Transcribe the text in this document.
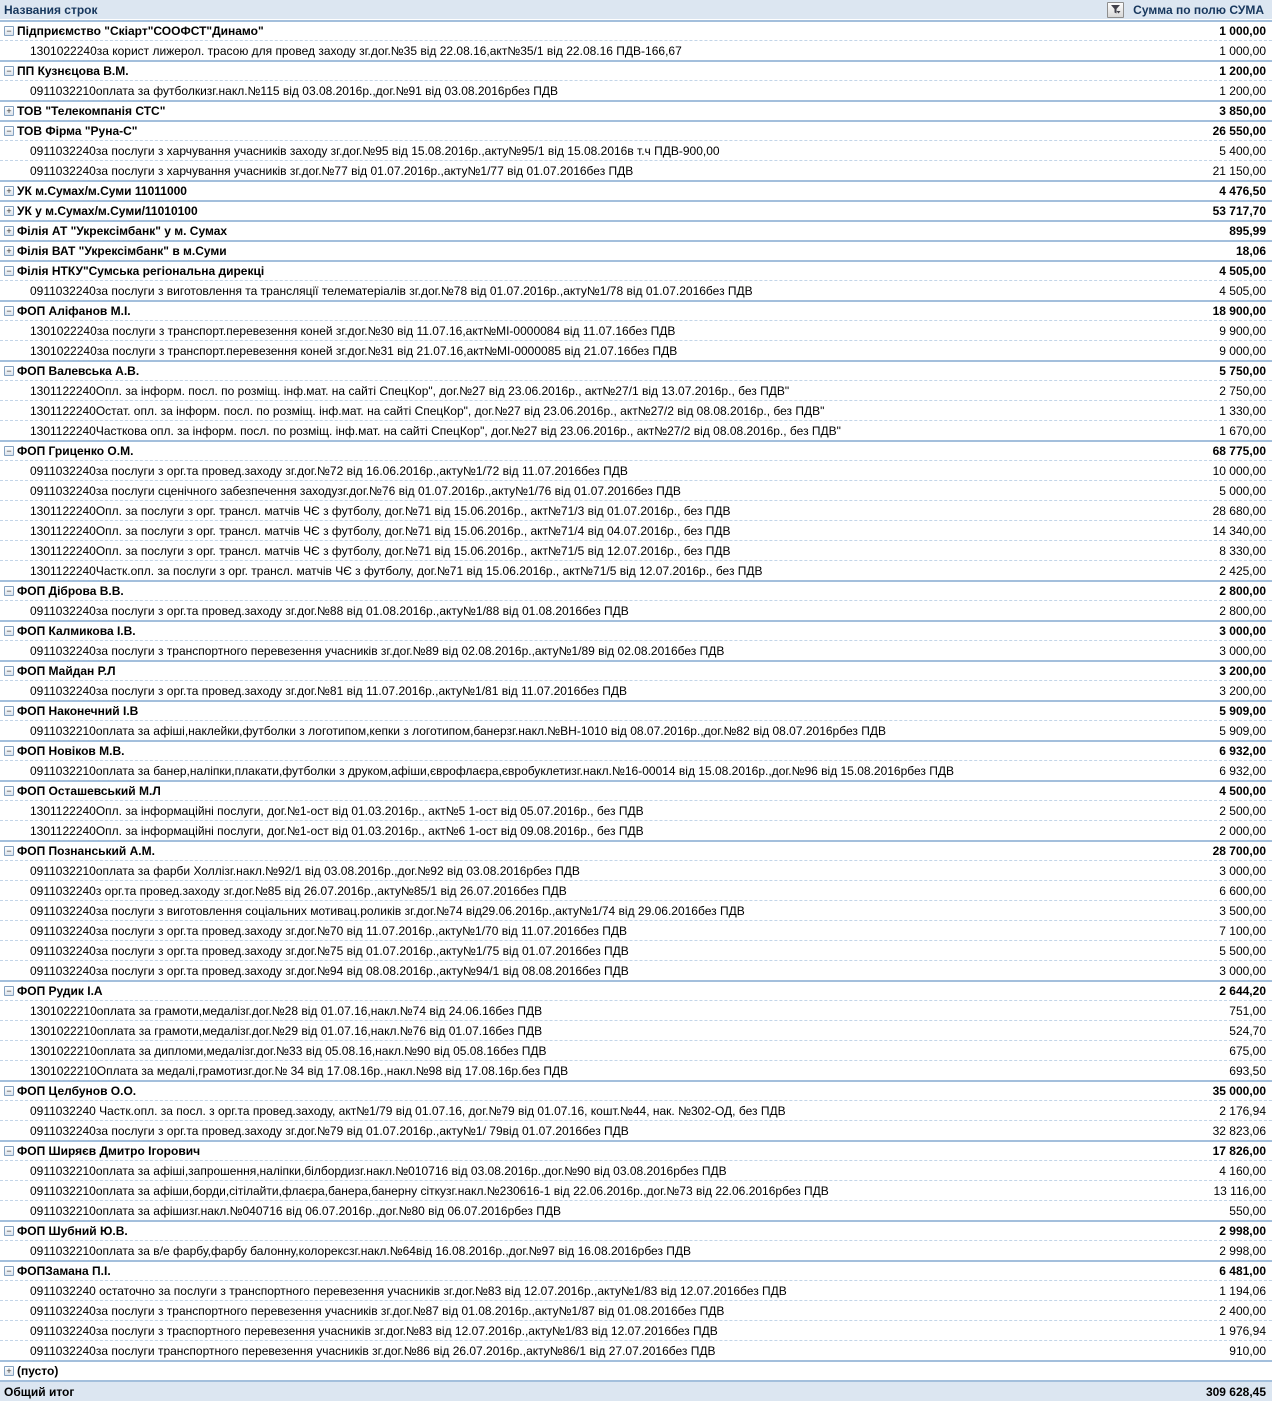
Названия строк	Сумма по полю СУМА
− Підприємство "Скіарт"СООФСТ"Динамо"	1 000,00
1301022240за корист лижерол. трасою для провед заходу зг.дог.№35 від 22.08.16,акт№35/1 від 22.08.16 ПДВ-166,67	1 000,00
− ПП Кузнєцова В.М.	1 200,00
0911032210оплата за футболкизг.накл.№115 від 03.08.2016р.,дог.№91 від 03.08.2016рбез ПДВ	1 200,00
+ ТОВ "Телекомпанія СТС"	3 850,00
− ТОВ Фірма "Руна-С"	26 550,00
0911032240за послуги з харчування учасників заходу зг.дог.№95 від 15.08.2016р.,акту№95/1 від 15.08.2016в т.ч ПДВ-900,00	5 400,00
0911032240за послуги з харчування учасників зг.дог.№77 від 01.07.2016р.,акту№1/77 від 01.07.2016без ПДВ	21 150,00
+ УК м.Сумах/м.Суми 11011000	4 476,50
+ УК у м.Сумах/м.Суми/11010100	53 717,70
+ Філія АТ "Укрексімбанк" у м. Сумах	895,99
+ Філія ВАТ "Укрексімбанк" в м.Суми	18,06
− Філія НТКУ"Сумська регіональна дирекці	4 505,00
0911032240за послуги з виготовлення та трансляції телематеріалів зг.дог.№78 від 01.07.2016р.,акту№1/78 від 01.07.2016без ПДВ	4 505,00
− ФОП Аліфанов М.І.	18 900,00
1301022240за послуги з транспорт.перевезення коней зг.дог.№30 від 11.07.16,акт№МІ-0000084 від 11.07.16без ПДВ	9 900,00
1301022240за послуги з транспорт.перевезення коней зг.дог.№31 від 21.07.16,акт№МІ-0000085 від 21.07.16без ПДВ	9 000,00
− ФОП Валевська А.В.	5 750,00
1301122240Опл. за інформ. посл. по розміщ. інф.мат. на сайті СпецКор", дог.№27 від 23.06.2016р., акт№27/1 від 13.07.2016р., без ПДВ"	2 750,00
1301122240Остат. опл. за інформ. посл. по розміщ. інф.мат. на сайті СпецКор", дог.№27 від 23.06.2016р., акт№27/2 від 08.08.2016р., без ПДВ"	1 330,00
1301122240Часткова опл. за інформ. посл. по розміщ. інф.мат. на сайті СпецКор", дог.№27 від 23.06.2016р., акт№27/2 від 08.08.2016р., без ПДВ"	1 670,00
− ФОП Гриценко О.М.	68 775,00
0911032240за послуги з орг.та провед.заходу зг.дог.№72 від 16.06.2016р.,акту№1/72 від 11.07.2016без ПДВ	10 000,00
0911032240за послуги сценічного забезпечення заходузг.дог.№76 від 01.07.2016р.,акту№1/76 від 01.07.2016без ПДВ	5 000,00
1301122240Опл. за послуги з орг. трансл. матчів ЧЄ з футболу, дог.№71 від 15.06.2016р., акт№71/3 від 01.07.2016р., без ПДВ	28 680,00
1301122240Опл. за послуги з орг. трансл. матчів ЧЄ з футболу, дог.№71 від 15.06.2016р., акт№71/4 від 04.07.2016р., без ПДВ	14 340,00
1301122240Опл. за послуги з орг. трансл. матчів ЧЄ з футболу, дог.№71 від 15.06.2016р., акт№71/5 від 12.07.2016р., без ПДВ	8 330,00
1301122240Частк.опл. за послуги з орг. трансл. матчів ЧЄ з футболу, дог.№71 від 15.06.2016р., акт№71/5 від 12.07.2016р., без ПДВ	2 425,00
− ФОП Діброва В.В.	2 800,00
0911032240за послуги з орг.та провед.заходу зг.дог.№88 від 01.08.2016р.,акту№1/88 від 01.08.2016без ПДВ	2 800,00
− ФОП Калмикова І.В.	3 000,00
0911032240за послуги з транспортного перевезення учасників зг.дог.№89 від 02.08.2016р.,акту№1/89 від 02.08.2016без ПДВ	3 000,00
− ФОП Майдан Р.Л	3 200,00
0911032240за послуги з орг.та провед.заходу зг.дог.№81 від 11.07.2016р.,акту№1/81 від 11.07.2016без ПДВ	3 200,00
− ФОП Наконечний І.В	5 909,00
0911032210оплата за афіші,наклейки,футболки з логотипом,кепки з логотипом,банерзг.накл.№ВН-1010 від 08.07.2016р.,дог.№82 від 08.07.2016рбез ПДВ	5 909,00
− ФОП Новіков М.В.	6 932,00
0911032210оплата за банер,наліпки,плакати,футболки з друком,афіши,єврофлаєра,євробуклетизг.накл.№16-00014 від 15.08.2016р.,дог.№96 від 15.08.2016рбез ПДВ	6 932,00
− ФОП Осташевський М.Л	4 500,00
1301122240Опл. за інформаційні послуги, дог.№1-ост від 01.03.2016р., акт№5 1-ост від 05.07.2016р., без ПДВ	2 500,00
1301122240Опл. за інформаційні послуги, дог.№1-ост від 01.03.2016р., акт№6 1-ост від 09.08.2016р., без ПДВ	2 000,00
− ФОП Познанський А.М.	28 700,00
0911032210оплата за фарби Холлізг.накл.№92/1 від 03.08.2016р.,дог.№92 від 03.08.2016рбез ПДВ	3 000,00
0911032240з орг.та провед.заходу зг.дог.№85 від 26.07.2016р.,акту№85/1 від 26.07.2016без ПДВ	6 600,00
0911032240за послуги з виготовлення соціальних мотивац.роликів зг.дог.№74 від29.06.2016р.,акту№1/74 від 29.06.2016без ПДВ	3 500,00
0911032240за послуги з орг.та провед.заходу зг.дог.№70 від 11.07.2016р.,акту№1/70 від 11.07.2016без ПДВ	7 100,00
0911032240за послуги з орг.та провед.заходу зг.дог.№75 від 01.07.2016р.,акту№1/75 від 01.07.2016без ПДВ	5 500,00
0911032240за послуги з орг.та провед.заходу зг.дог.№94 від 08.08.2016р.,акту№94/1 від 08.08.2016без ПДВ	3 000,00
− ФОП Рудик І.А	2 644,20
1301022210оплата за грамоти,медалізг.дог.№28 від 01.07.16,накл.№74 від 24.06.16без ПДВ	751,00
1301022210оплата за грамоти,медалізг.дог.№29 від 01.07.16,накл.№76 від 01.07.16без ПДВ	524,70
1301022210оплата за дипломи,медалізг.дог.№33 від 05.08.16,накл.№90 від 05.08.16без ПДВ	675,00
1301022210Оплата за медалі,грамотизг.дог.№ 34 від 17.08.16р.,накл.№98 від 17.08.16р.без ПДВ	693,50
− ФОП Целбунов О.О.	35 000,00
0911032240 Частк.опл. за посл. з орг.та провед.заходу, акт№1/79 від 01.07.16, дог.№79 від 01.07.16, кошт.№44, нак. №302-ОД, без ПДВ	2 176,94
0911032240за послуги з орг.та провед.заходу зг.дог.№79 від 01.07.2016р.,акту№1/ 79від 01.07.2016без ПДВ	32 823,06
− ФОП Ширяєв Дмитро Ігорович	17 826,00
0911032210оплата за афіші,запрошення,наліпки,білбордизг.накл.№010716 від 03.08.2016р.,дог.№90 від 03.08.2016рбез ПДВ	4 160,00
0911032210оплата за афіши,борди,сітілайти,флаєра,банера,банерну сіткузг.накл.№230616-1 від 22.06.2016р.,дог.№73 від 22.06.2016рбез ПДВ	13 116,00
0911032210оплата за афішизг.накл.№040716 від 06.07.2016р.,дог.№80 від 06.07.2016рбез ПДВ	550,00
− ФОП Шубний Ю.В.	2 998,00
0911032210оплата за в/е фарбу,фарбу балонну,колорексзг.накл.№64від 16.08.2016р.,дог.№97 від 16.08.2016рбез ПДВ	2 998,00
− ФОПЗамана П.І.	6 481,00
0911032240 остаточно за послуги з транспортного перевезення учасників зг.дог.№83 від 12.07.2016р.,акту№1/83 від 12.07.2016без ПДВ	1 194,06
0911032240за послуги з транспортного перевезення учасників зг.дог.№87 від 01.08.2016р.,акту№1/87 від 01.08.2016без ПДВ	2 400,00
0911032240за послуги з траспортного перевезення учасників зг.дог.№83 від 12.07.2016р.,акту№1/83 від 12.07.2016без ПДВ	1 976,94
0911032240за послуги транспортного перевезення учасників зг.дог.№86 від 26.07.2016р.,акту№86/1 від 27.07.2016без ПДВ	910,00
+ (пусто)
Общий итог	309 628,45
